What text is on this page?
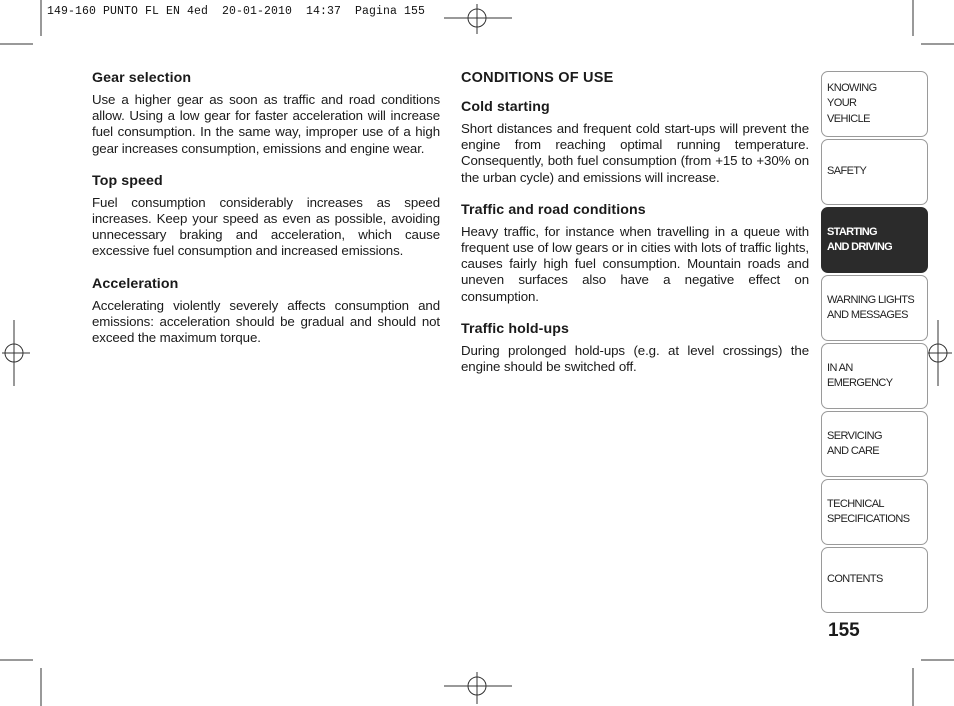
149-160 PUNTO FL EN 4ed  20-01-2010  14:37  Pagina 155
Gear selection

Use a higher gear as soon as traffic and road conditions allow. Using a low gear for faster acceleration will increase fuel consumption. In the same way, improper use of a high gear increases consumption, emissions and engine wear.

Top speed

Fuel consumption considerably increases as speed increases. Keep your speed as even as possible, avoiding unnecessary braking and acceleration, which cause excessive fuel consumption and increased emissions.

Acceleration

Accelerating violently severely affects consumption and emissions: acceleration should be gradual and should not exceed the maximum torque.

CONDITIONS OF USE
Cold starting

Short distances and frequent cold start-ups will prevent the engine from reaching optimal running temperature. Consequently, both fuel consumption (from +15 to +30% on the urban cycle) and emissions will increase.

Traffic and road conditions

Heavy traffic, for instance when travelling in a queue with frequent use of low gears or in cities with lots of traffic lights, causes fairly high fuel consumption. Mountain roads and uneven surfaces also have a negative effect on consumption.

Traffic hold-ups

During prolonged hold-ups (e.g. at level crossings) the engine should be switched off.

KNOWING
YOUR
VEHICLE
SAFETY
STARTING
AND DRIVING
WARNING LIGHTS
AND MESSAGES
IN AN
EMERGENCY
SERVICING
AND CARE
TECHNICAL
SPECIFICATIONS
CONTENTS
155
